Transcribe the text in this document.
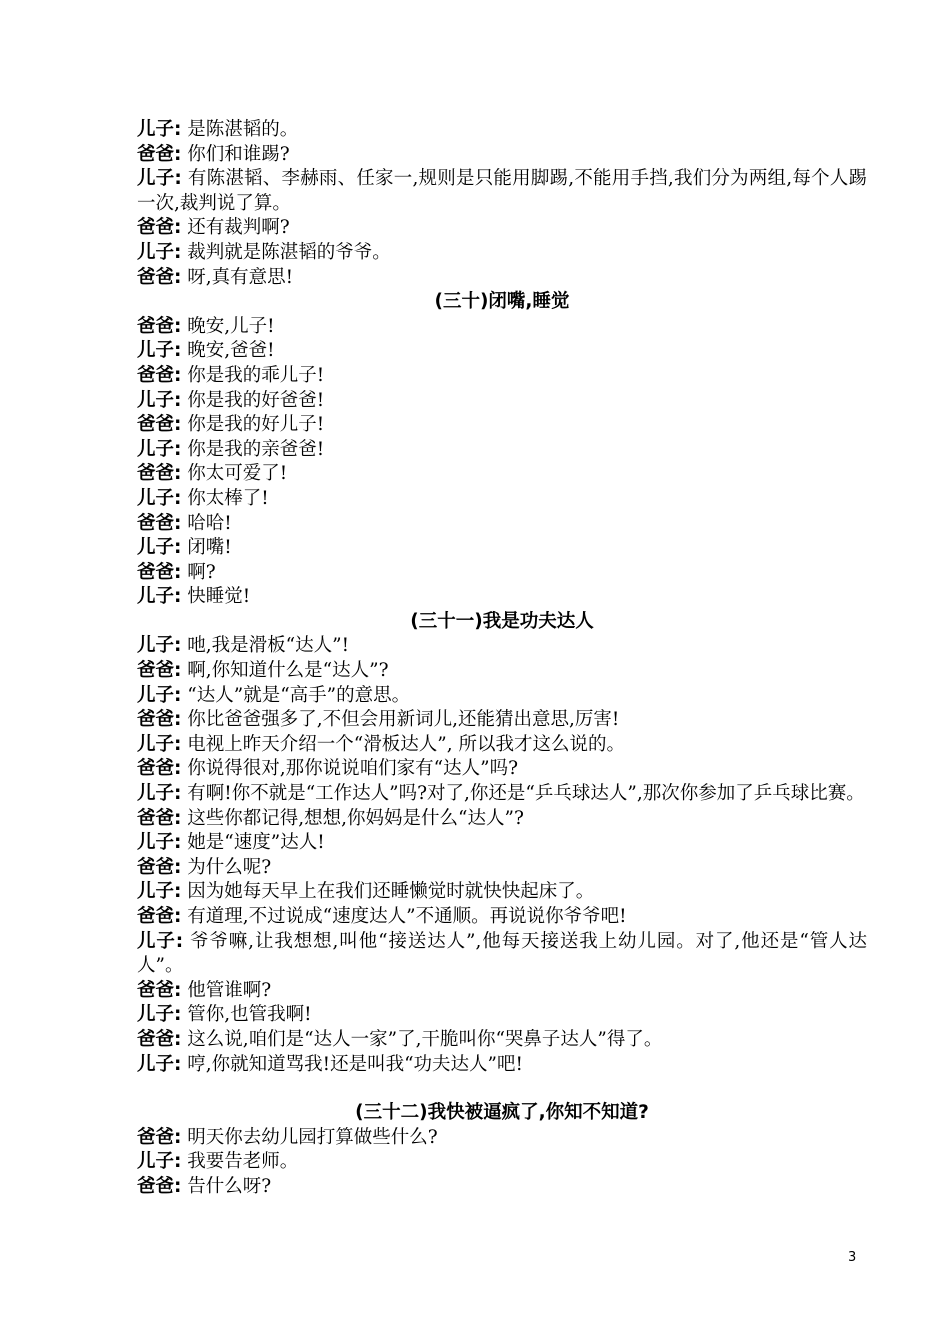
儿子: 是陈湛韬的。
爸爸: 你们和谁踢?
儿子: 有陈湛韬、李赫雨、任家一,规则是只能用脚踢,不能用手挡,我们分为两组,每个人踢一次,裁判说了算。
爸爸: 还有裁判啊?
儿子: 裁判就是陈湛韬的爷爷。
爸爸: 呀,真有意思!
(三十)闭嘴,睡觉
爸爸: 晚安,儿子!
儿子: 晚安,爸爸!
爸爸: 你是我的乖儿子!
儿子: 你是我的好爸爸!
爸爸: 你是我的好儿子!
儿子: 你是我的亲爸爸!
爸爸: 你太可爱了!
儿子: 你太棒了!
爸爸: 哈哈!
儿子: 闭嘴!
爸爸: 啊?
儿子: 快睡觉!
(三十一)我是功夫达人
儿子: 吔,我是滑板“达人”!
爸爸: 啊,你知道什么是“达人”?
儿子: “达人”就是“高手”的意思。
爸爸: 你比爸爸强多了,不但会用新词儿,还能猜出意思,厉害!
儿子: 电视上昨天介绍一个“滑板达人”, 所以我才这么说的。
爸爸: 你说得很对,那你说说咱们家有“达人”吗?
儿子: 有啊!你不就是“工作达人”吗?对了,你还是“乒乓球达人”,那次你参加了乒乓球比赛。
爸爸: 这些你都记得,想想,你妈妈是什么“达人”?
儿子: 她是“速度”达人!
爸爸: 为什么呢?
儿子: 因为她每天早上在我们还睡懒觉时就快快起床了。
爸爸: 有道理,不过说成“速度达人”不通顺。再说说你爷爷吧!
儿子: 爷爷嘛,让我想想,叫他“接送达人”,他每天接送我上幼儿园。对了,他还是“管人达人”。
爸爸: 他管谁啊?
儿子: 管你,也管我啊!
爸爸: 这么说,咱们是“达人一家”了,干脆叫你“哭鼻子达人”得了。
儿子: 哼,你就知道骂我!还是叫我“功夫达人”吧!
(三十二)我快被逼疯了,你知不知道?
爸爸: 明天你去幼儿园打算做些什么?
儿子: 我要告老师。
爸爸: 告什么呀?
3
